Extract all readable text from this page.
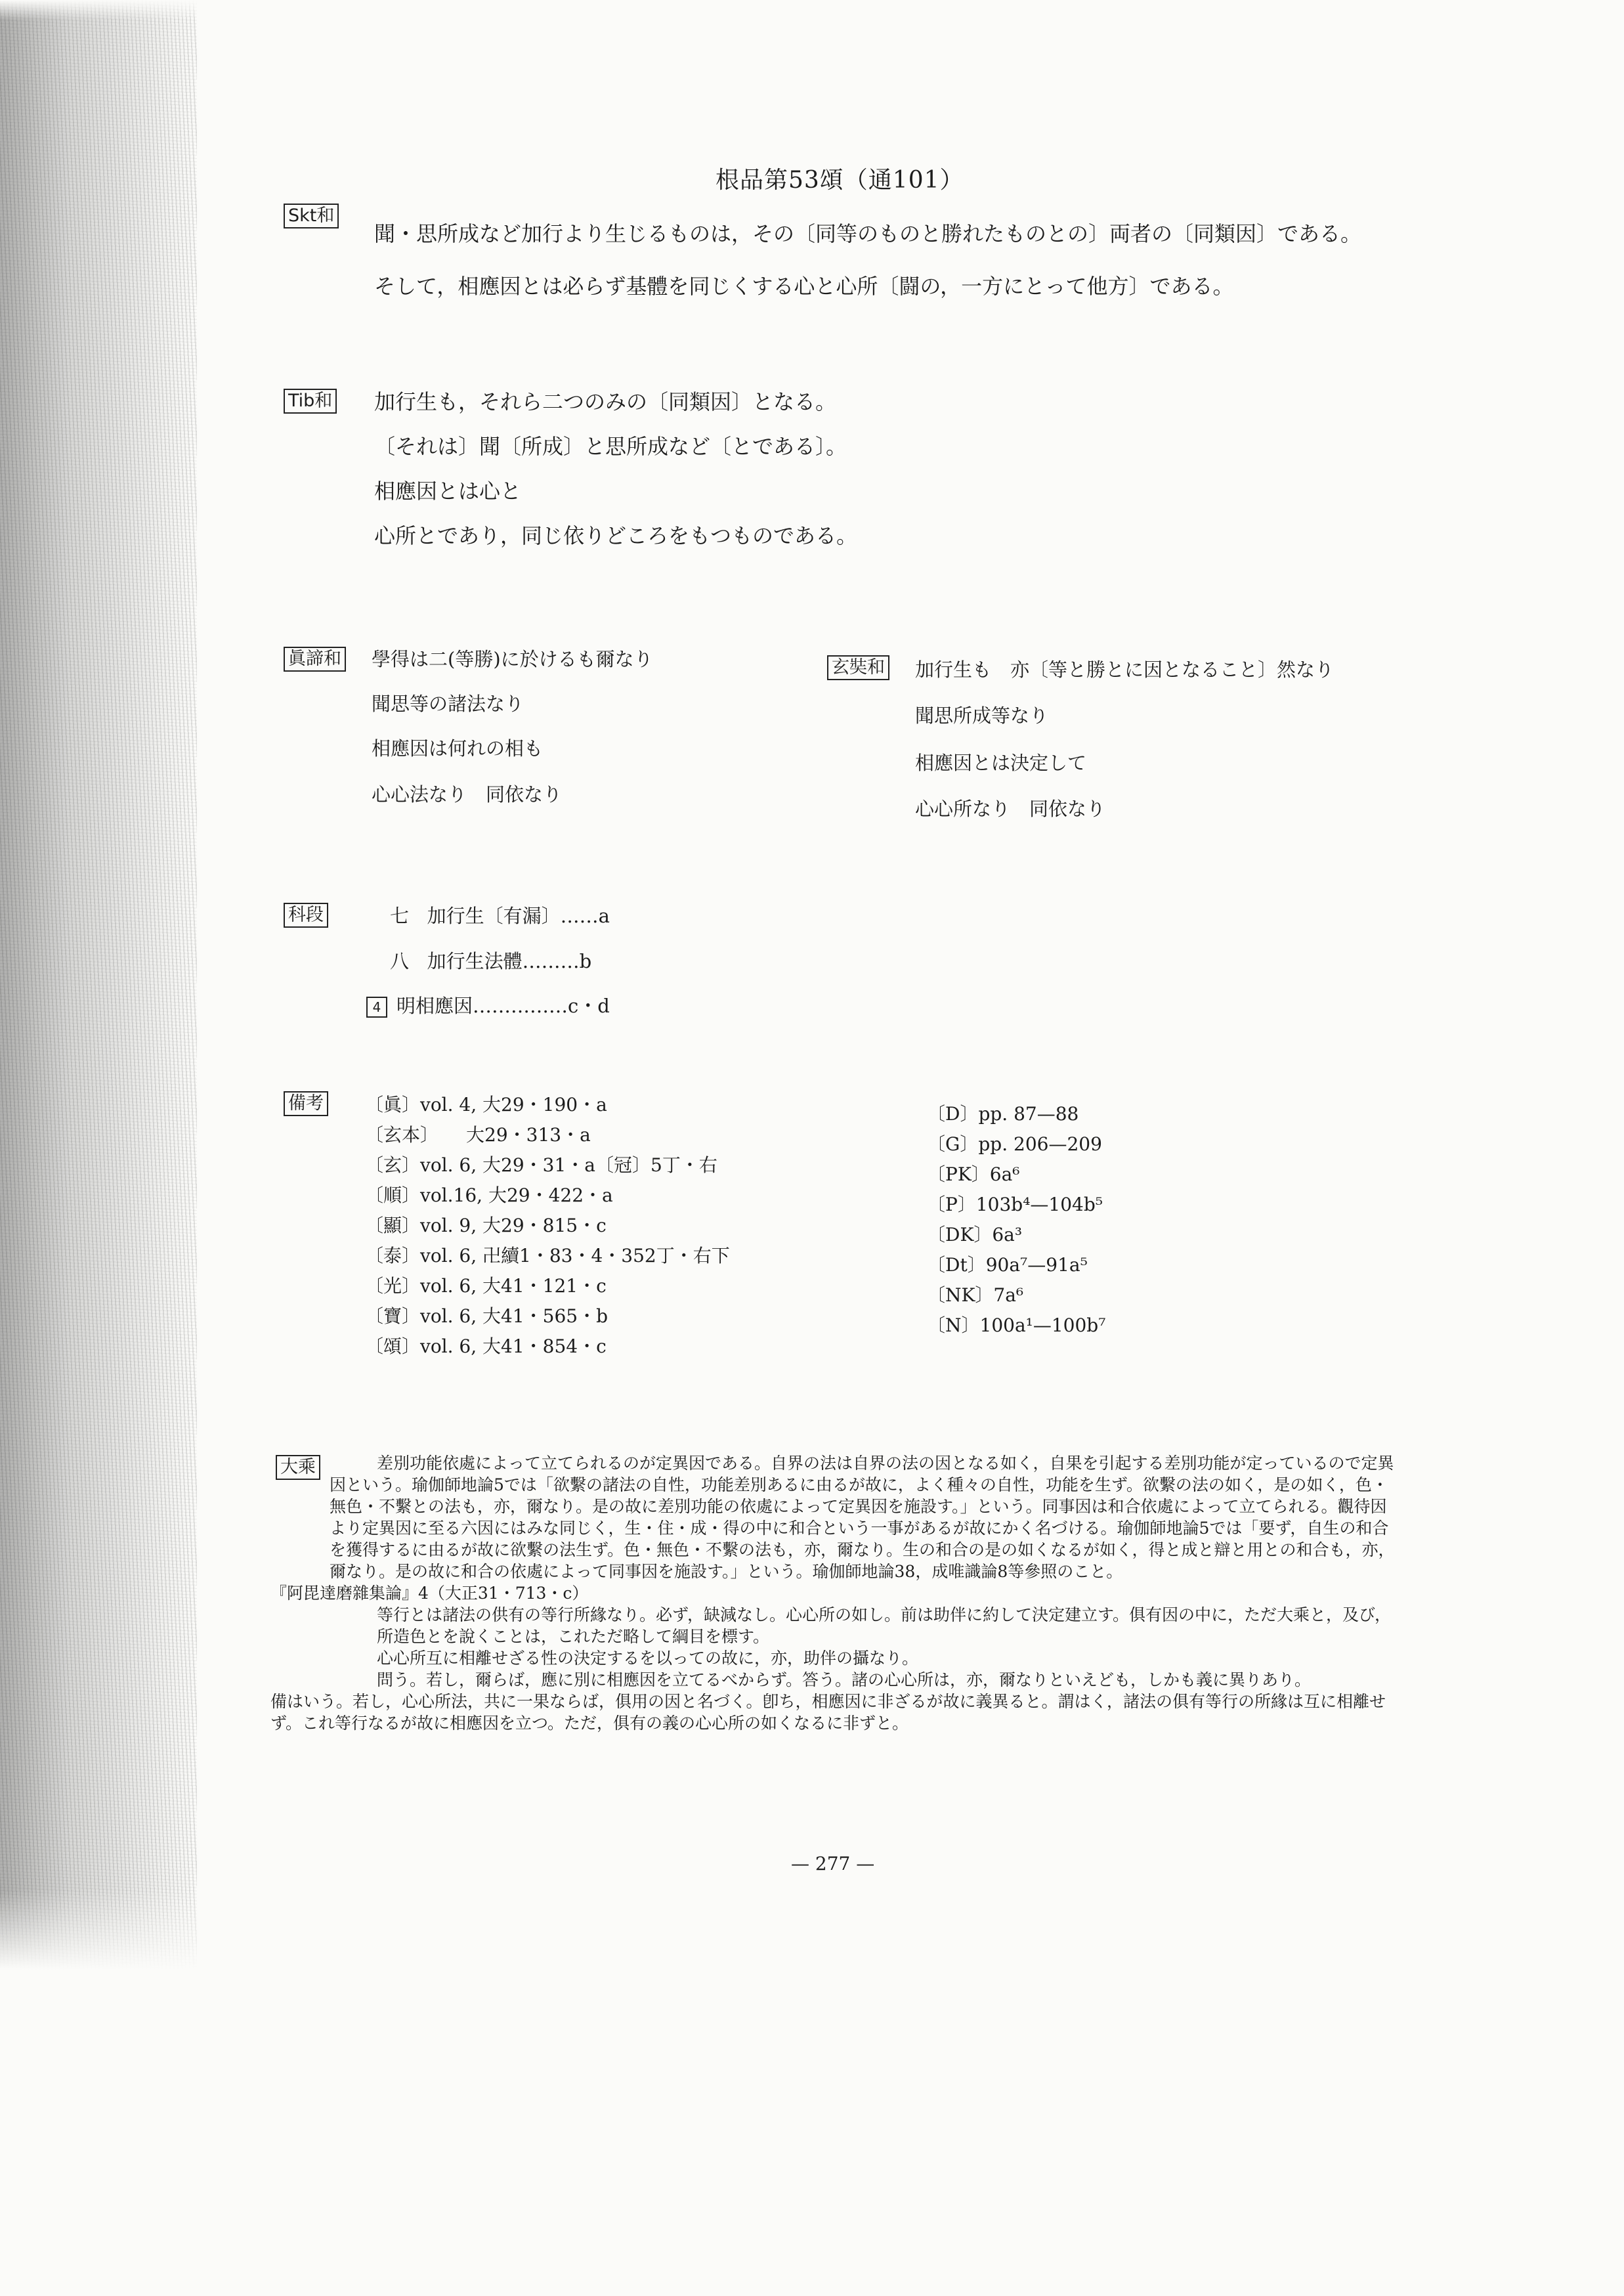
根品第53頌（通101）
Skt和
聞・思所成など加行より生じるものは，その〔同等のものと勝れたものとの〕両者の〔同類因〕である。
そして，相應因とは必らず基體を同じくする心と心所〔闘の，一方にとって他方〕である。
Tib和 加行生も，それら二つのみの〔同類因〕となる。
〔それは〕聞〔所成〕と思所成など〔とである〕。
相應因とは心と
心所とであり，同じ依りどころをもつものである。
眞諦和 學得は二(等勝)に於けるも爾なり
聞思等の諸法なり
相應因は何れの相も
心心法なり　同依なり
玄奘和 加行生も　亦〔等と勝とに因となること〕然なり
聞思所成等なり
相應因とは決定して
心心所なり　同依なり
科段	七 加行生〔有漏〕……a
八 加行生法體………b
4 明相應因……………c・d
備考 〔眞〕vol. 4, 大29・190・a
〔玄本〕　　大29・313・a
〔玄〕vol. 6, 大29・31・a〔冠〕5丁・右
〔順〕vol.16, 大29・422・a
〔顯〕vol. 9, 大29・815・c
〔泰〕vol. 6, 卍續1・83・4・352丁・右下
〔光〕vol. 6, 大41・121・c
〔寶〕vol. 6, 大41・565・b
〔頌〕vol. 6, 大41・854・c
〔D〕pp. 87—88
〔G〕pp. 206—209
〔PK〕6a⁶
〔P〕103b⁴—104b⁵
〔DK〕6a³
〔Dt〕90a⁷—91a⁵
〔NK〕7a⁶
〔N〕100a¹—100b⁷
大乘	差別功能依處によって立てられるのが定異因である。自界の法は自界の法の因となる如く，自果を引起する差別功能が定っているので定異因という。瑜伽師地論5では「欲繫の諸法の自性，功能差別あるに由るが故に，よく種々の自性，功能を生ず。欲繫の法の如く，是の如く，色・無色・不繫との法も，亦，爾なり。是の故に差別功能の依處によって定異因を施設す。」という。同事因は和合依處によって立てられる。觀待因より定異因に至る六因にはみな同じく，生・住・成・得の中に和合という一事があるが故にかく名づける。瑜伽師地論5では「要ず，自生の和合を獲得するに由るが故に欲繫の法生ず。色・無色・不繫の法も，亦，爾なり。生の和合の是の如くなるが如く，得と成と辯と用との和合も，亦，爾なり。是の故に和合の依處によって同事因を施設す。」という。瑜伽師地論38，成唯識論8等參照のこと。

『阿毘達磨雜集論』4（大正31・713・c）

等行とは諸法の供有の等行所緣なり。必ず，缺減なし。心心所の如し。前は助伴に約して決定建立す。俱有因の中に，ただ大乘と，及び，所造色とを說くことは，これただ略して綱目を標す。

心心所互に相離せざる性の決定するを以っての故に，亦，助伴の攝なり。

問う。若し，爾らば，應に別に相應因を立てるべからず。答う。諸の心心所は，亦，爾なりといえども，しかも義に異りあり。

備はいう。若し，心心所法，共に一果ならば，俱用の因と名づく。卽ち，相應因に非ざるが故に義異ると。謂はく，諸法の俱有等行の所緣は互に相離せず。これ等行なるが故に相應因を立つ。ただ，俱有の義の心心所の如くなるに非ずと。

— 277 —
